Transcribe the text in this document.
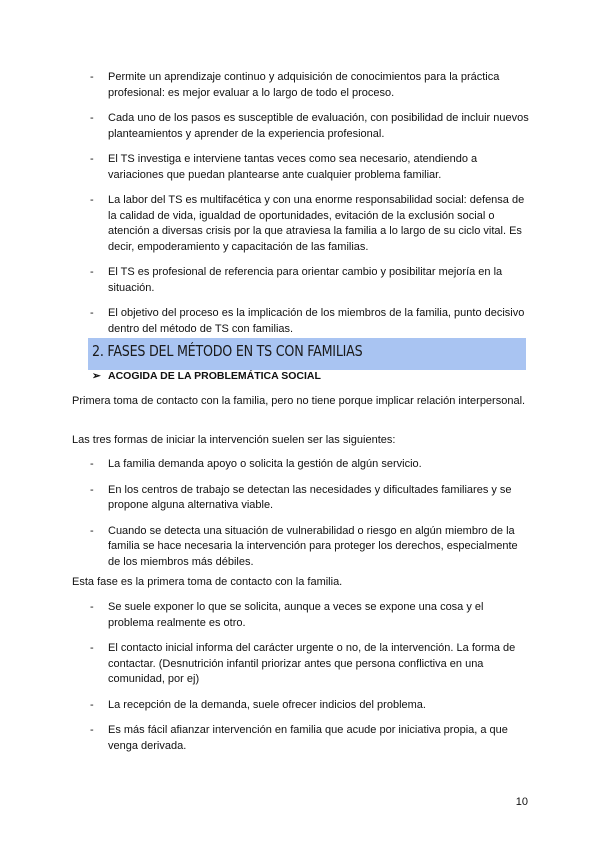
- Permite un aprendizaje continuo y adquisición de conocimientos para la práctica profesional: es mejor evaluar a lo largo de todo el proceso.
- Cada uno de los pasos es susceptible de evaluación, con posibilidad de incluir nuevos planteamientos y aprender de la experiencia profesional.
- El TS investiga e interviene tantas veces como sea necesario, atendiendo a variaciones que puedan plantearse ante cualquier problema familiar.
- La labor del TS es multifacética y con una enorme responsabilidad social: defensa de la calidad de vida, igualdad de oportunidades, evitación de la exclusión social o atención a diversas crisis por la que atraviesa la familia a lo largo de su ciclo vital. Es decir, empoderamiento y capacitación de las familias.
- El TS es profesional de referencia para orientar cambio y posibilitar mejoría en la situación.
- El objetivo del proceso es la implicación de los miembros de la familia, punto decisivo dentro del método de TS con familias.
2. FASES DEL MÉTODO EN TS CON FAMILIAS
➢ ACOGIDA DE LA PROBLEMÁTICA SOCIAL

Primera toma de contacto con la familia, pero no tiene porque implicar relación interpersonal.

Las tres formas de iniciar la intervención suelen ser las siguientes:

- La familia demanda apoyo o solicita la gestión de algún servicio.
- En los centros de trabajo se detectan las necesidades y dificultades familiares y se propone alguna alternativa viable.
- Cuando se detecta una situación de vulnerabilidad o riesgo en algún miembro de la familia se hace necesaria la intervención para proteger los derechos, especialmente de los miembros más débiles.

Esta fase es la primera toma de contacto con la familia.

- Se suele exponer lo que se solicita, aunque a veces se expone una cosa y el problema realmente es otro.
- El contacto inicial informa del carácter urgente o no, de la intervención. La forma de contactar. (Desnutrición infantil priorizar antes que persona conflictiva en una comunidad, por ej)
- La recepción de la demanda, suele ofrecer indicios del problema.
- Es más fácil afianzar intervención en familia que acude por iniciativa propia, a que venga derivada.
10
